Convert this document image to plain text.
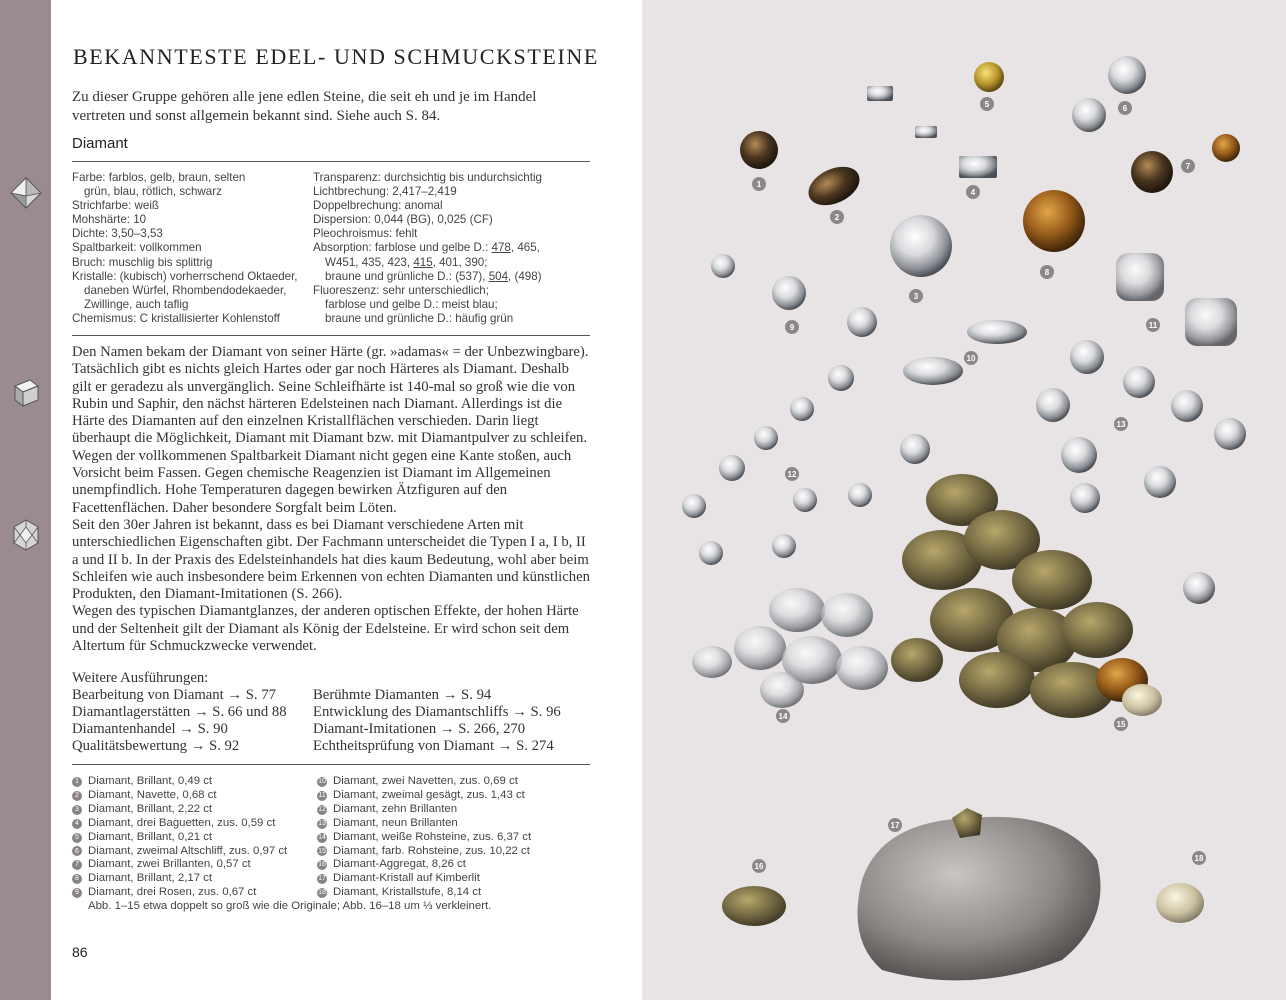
BEKANNTESTE EDEL- UND SCHMUCKSTEINE
Zu dieser Gruppe gehören alle jene edlen Steine, die seit eh und je im Handel vertreten und sonst allgemein bekannt sind. Siehe auch S. 84.
Diamant
Farbe: farblos, gelb, braun, selten
grün, blau, rötlich, schwarz
Strichfarbe: weiß
Mohshärte: 10
Dichte: 3,50–3,53
Spaltbarkeit: vollkommen
Bruch: muschlig bis splittrig
Kristalle: (kubisch) vorherrschend Oktaeder,
daneben Würfel, Rhombendodekaeder,
Zwillinge, auch taflig
Chemismus: C kristallisierter Kohlenstoff
Transparenz: durchsichtig bis undurchsichtig
Lichtbrechung: 2,417–2,419
Doppelbrechung: anomal
Dispersion: 0,044 (BG), 0,025 (CF)
Pleochroismus: fehlt
Absorption: farblose und gelbe D.: 478, 465,
W451, 435, 423, 415, 401, 390;
braune und grünliche D.: (537), 504, (498)
Fluoreszenz: sehr unterschiedlich;
farblose und gelbe D.: meist blau;
braune und grünliche D.: häufig grün
Den Namen bekam der Diamant von seiner Härte (gr. »adamas« = der Unbezwingbare). Tatsächlich gibt es nichts gleich Hartes oder gar noch Härteres als Diamant. Deshalb gilt er geradezu als unvergänglich. Seine Schleifhärte ist 140-mal so groß wie die von Rubin und Saphir, den nächst härteren Edelsteinen nach Diamant. Allerdings ist die Härte des Diamanten auf den einzelnen Kristallflächen verschieden. Darin liegt überhaupt die Möglichkeit, Diamant mit Diamant bzw. mit Diamantpulver zu schleifen.
Wegen der vollkommenen Spaltbarkeit Diamant nicht gegen eine Kante stoßen, auch Vorsicht beim Fassen. Gegen chemische Reagenzien ist Diamant im Allgemeinen unempfindlich. Hohe Temperaturen dagegen bewirken Ätzfiguren auf den Facettenflächen. Daher besondere Sorgfalt beim Löten.
Seit den 30er Jahren ist bekannt, dass es bei Diamant verschiedene Arten mit unterschiedlichen Eigenschaften gibt. Der Fachmann unterscheidet die Typen I a, I b, II a und II b. In der Praxis des Edelsteinhandels hat dies kaum Bedeutung, wohl aber beim Schleifen wie auch insbesondere beim Erkennen von echten Diamanten und künstlichen Produkten, den Diamant-Imitationen (S. 266).
Wegen des typischen Diamantglanzes, der anderen optischen Effekte, der hohen Härte und der Seltenheit gilt der Diamant als König der Edelsteine. Er wird schon seit dem Altertum für Schmuckzwecke verwendet.
Weitere Ausführungen:
Bearbeitung von Diamant → S. 77
Diamantlagerstätten → S. 66 und 88
Diamantenhandel → S. 90
Qualitätsbewertung → S. 92
Berühmte Diamanten → S. 94
Entwicklung des Diamantschliffs → S. 96
Diamant-Imitationen → S. 266, 270
Echtheitsprüfung von Diamant → S. 274
1 Diamant, Brillant, 0,49 ct
2 Diamant, Navette, 0,68 ct
3 Diamant, Brillant, 2,22 ct
4 Diamant, drei Baguetten, zus. 0,59 ct
5 Diamant, Brillant, 0,21 ct
6 Diamant, zweimal Altschliff, zus. 0,97 ct
7 Diamant, zwei Brillanten, 0,57 ct
8 Diamant, Brillant, 2,17 ct
9 Diamant, drei Rosen, zus. 0,67 ct
10 Diamant, zwei Navetten, zus. 0,69 ct
11 Diamant, zweimal gesägt, zus. 1,43 ct
12 Diamant, zehn Brillanten
13 Diamant, neun Brillanten
14 Diamant, weiße Rohsteine, zus. 6,37 ct
15 Diamant, farb. Rohsteine, zus. 10,22 ct
16 Diamant-Aggregat, 8,26 ct
17 Diamant-Kristall auf Kimberlit
18 Diamant, Kristallstufe, 8,14 ct
Abb. 1–15 etwa doppelt so groß wie die Originale; Abb. 16–18 um ⅓ verkleinert.
86
1
2
3
4
5	6
7
8
9
10
11
12
13
14
15
16
17
18
